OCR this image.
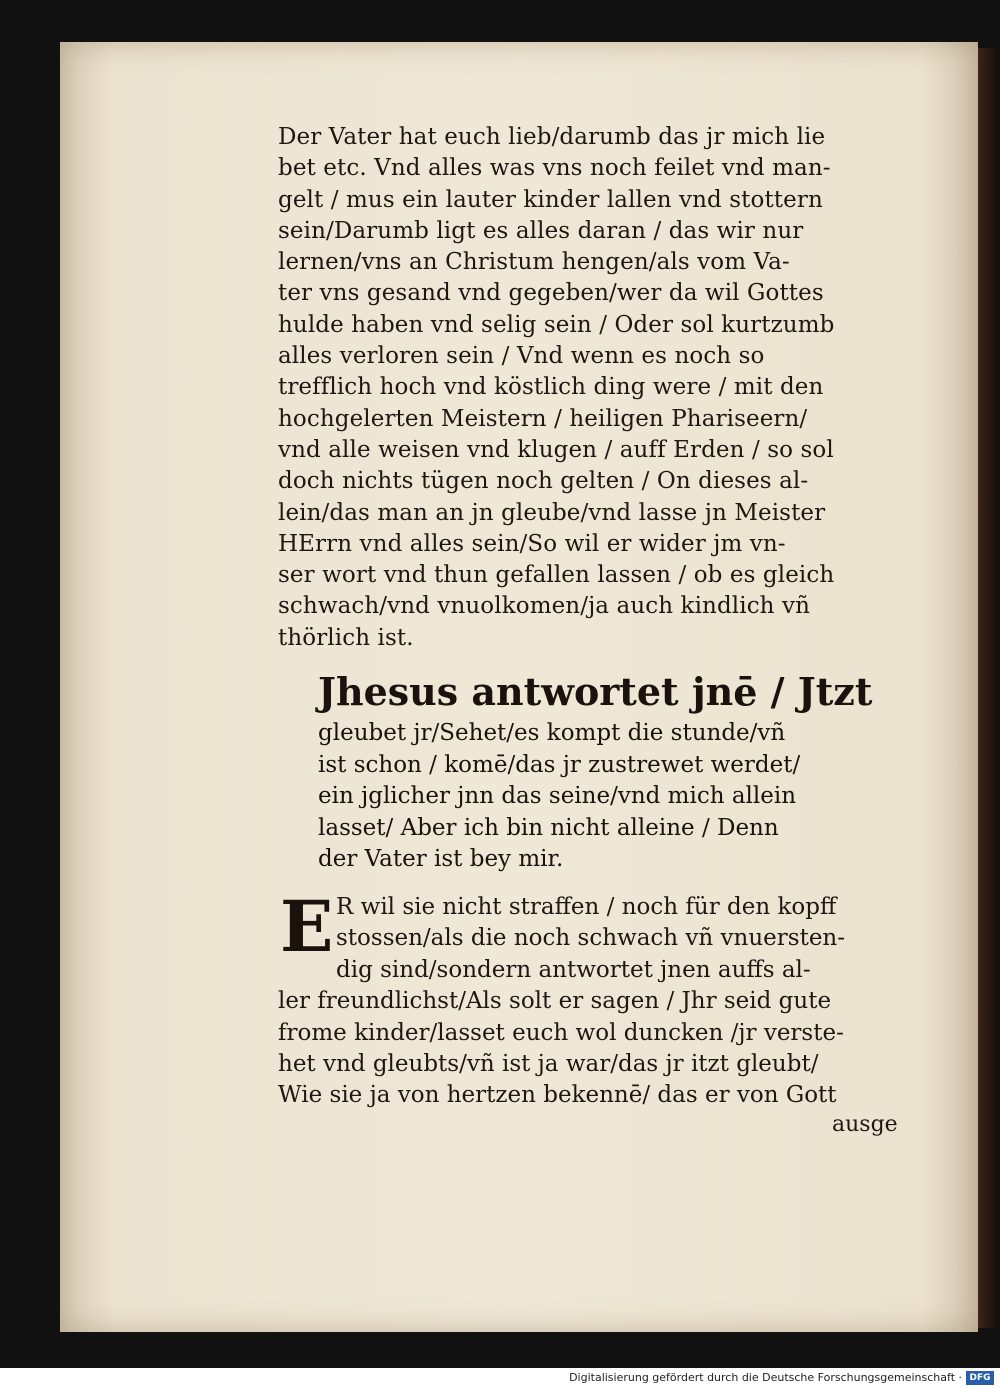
Der Vater hat euch lieb/darumb das jr mich lie
bet etc. Vnd alles was vns noch feilet vnd man-
gelt / mus ein lauter kinder lallen vnd stottern
sein/Darumb ligt es alles daran / das wir nur
lernen/vns an Christum hengen/als vom Va-
ter vns gesand vnd gegeben/wer da wil Gottes
hulde haben vnd selig sein / Oder sol kurtzumb
alles verloren sein / Vnd wenn es noch so
trefflich hoch vnd köstlich ding were / mit den
hochgelerten Meistern / heiligen Phariseern/
vnd alle weisen vnd klugen / auff Erden / so sol
doch nichts tügen noch gelten / On dieses al-
lein/das man an jn gleube/vnd lasse jn Meister
HErrn vnd alles sein/So wil er wider jm vn-
ser wort vnd thun gefallen lassen / ob es gleich
schwach/vnd vnuolkomen/ja auch kindlich vñ
thörlich ist.
Jhesus antwortet jnē / Jtzt
gleubet jr/Sehet/es kompt die stunde/vñ
ist schon / komē/das jr zustrewet werdet/
ein jglicher jnn das seine/vnd mich allein
lasset/ Aber ich bin nicht alleine / Denn
der Vater ist bey mir.
E R wil sie nicht straffen / noch für den kopff
stossen/als die noch schwach vñ vnuersten-
dig sind/sondern antwortet jnen auffs al-
ler freundlichst/Als solt er sagen / Jhr seid gute
frome kinder/lasset euch wol duncken /jr verste-
het vnd gleubts/vñ ist ja war/das jr itzt gleubt/
Wie sie ja von hertzen bekennē/ das er von Gott
ausge
Digitalisierung gefördert durch die Deutsche Forschungsgemeinschaft · DFG
